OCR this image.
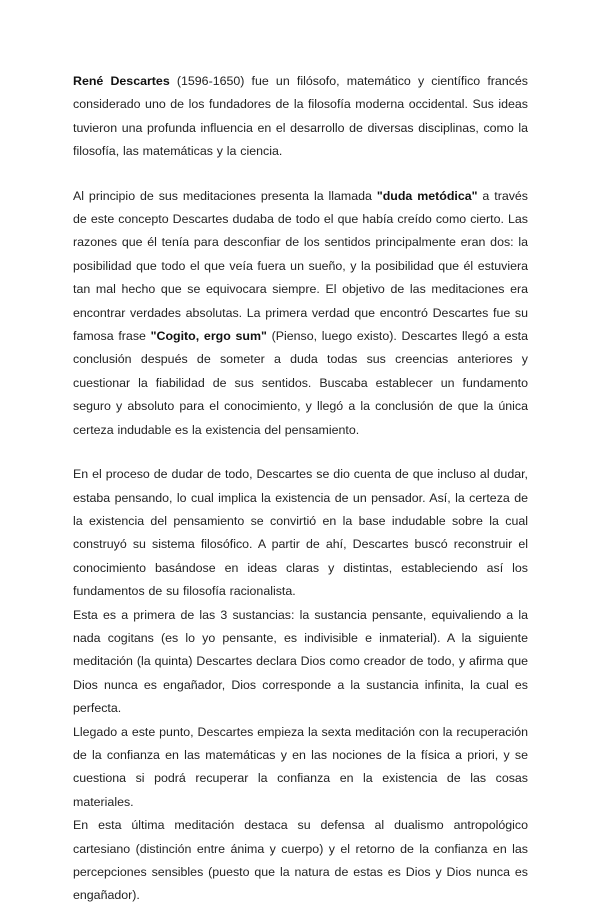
René Descartes (1596-1650) fue un filósofo, matemático y científico francés considerado uno de los fundadores de la filosofía moderna occidental. Sus ideas tuvieron una profunda influencia en el desarrollo de diversas disciplinas, como la filosofía, las matemáticas y la ciencia.

Al principio de sus meditaciones presenta la llamada "duda metódica" a través de este concepto Descartes dudaba de todo el que había creído como cierto. Las razones que él tenía para desconfiar de los sentidos principalmente eran dos: la posibilidad que todo el que veía fuera un sueño, y la posibilidad que él estuviera tan mal hecho que se equivocara siempre. El objetivo de las meditaciones era encontrar verdades absolutas. La primera verdad que encontró Descartes fue su famosa frase "Cogito, ergo sum" (Pienso, luego existo). Descartes llegó a esta conclusión después de someter a duda todas sus creencias anteriores y cuestionar la fiabilidad de sus sentidos. Buscaba establecer un fundamento seguro y absoluto para el conocimiento, y llegó a la conclusión de que la única certeza indudable es la existencia del pensamiento.

En el proceso de dudar de todo, Descartes se dio cuenta de que incluso al dudar, estaba pensando, lo cual implica la existencia de un pensador. Así, la certeza de la existencia del pensamiento se convirtió en la base indudable sobre la cual construyó su sistema filosófico. A partir de ahí, Descartes buscó reconstruir el conocimiento basándose en ideas claras y distintas, estableciendo así los fundamentos de su filosofía racionalista.

Esta es a primera de las 3 sustancias: la sustancia pensante, equivaliendo a la nada cogitans (es lo yo pensante, es indivisible e inmaterial). A la siguiente meditación (la quinta) Descartes declara Dios como creador de todo, y afirma que Dios nunca es engañador, Dios corresponde a la sustancia infinita, la cual es perfecta.

Llegado a este punto, Descartes empieza la sexta meditación con la recuperación de la confianza en las matemáticas y en las nociones de la física a priori, y se cuestiona si podrá recuperar la confianza en la existencia de las cosas materiales.

En esta última meditación destaca su defensa al dualismo antropológico cartesiano (distinción entre ánima y cuerpo) y el retorno de la confianza en las percepciones sensibles (puesto que la natura de estas es Dios y Dios nunca es engañador).
